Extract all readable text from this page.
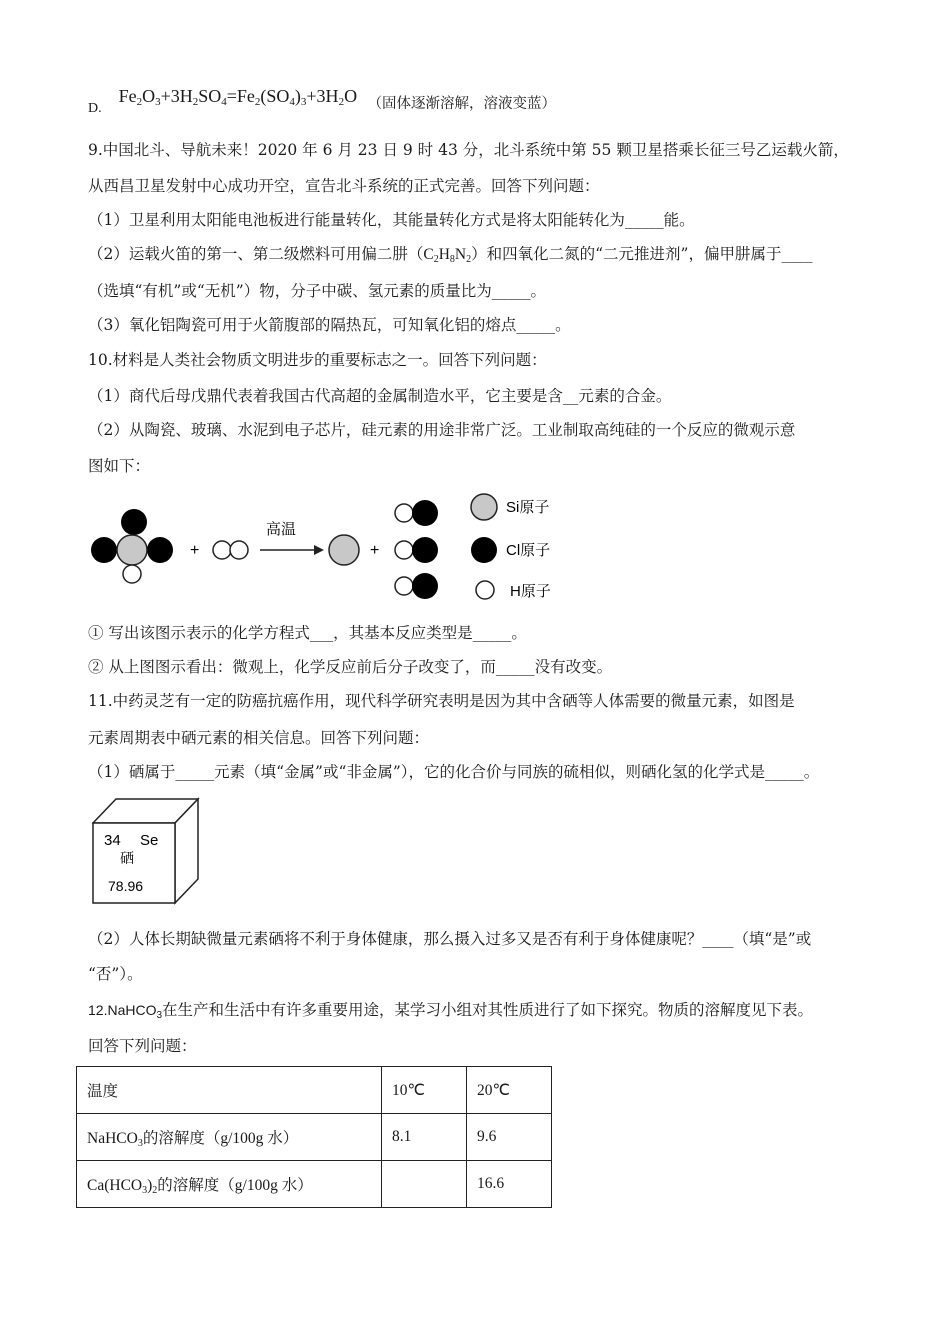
D. $Fe_2O_3+3H_2SO_4=Fe_2(SO_4)_3+3H_2O$ （固体逐渐溶解，溶液变蓝）
9.中国北斗、导航未来！2020 年 6 月 23 日 9 时 43 分，北斗系统中第 55 颗卫星搭乘长征三号乙运载火箭，
从西昌卫星发射中心成功开空，宣告北斗系统的正式完善。回答下列问题：
（1）卫星利用太阳能电池板进行能量转化，其能量转化方式是将太阳能转化为_____能。
（2）运载火笛的第一、第二级燃料可用偏二肼$(C_2H_8N_2)$和四氧化二氮的“二元推进剂”，偏甲肼属于____
（选填“有机”或“无机”）物，分子中碳、氢元素的质量比为_____。
（3）氧化铝陶瓷可用于火箭腹部的隔热瓦，可知氧化铝的熔点_____。
10.材料是人类社会物质文明进步的重要标志之一。回答下列问题：
（1）商代后母戊鼎代表着我国古代高超的金属制造水平，它主要是含__元素的合金。
（2）从陶瓷、玻璃、水泥到电子芯片，硅元素的用途非常广泛。工业制取高纯硅的一个反应的微观示意
图如下：
+
高温
+
Si原子
Cl原子
H原子
① 写出该图示表示的化学方程式___，其基本反应类型是_____。
② 从上图图示看出：微观上，化学反应前后分子改变了，而_____没有改变。
11.中药灵芝有一定的防癌抗癌作用，现代科学研究表明是因为其中含硒等人体需要的微量元素，如图是
元素周期表中硒元素的相关信息。回答下列问题：
（1）硒属于_____元素（填“金属”或“非金属”），它的化合价与同族的硫相似，则硒化氢的化学式是_____。
34 Se
硒
78.96
（2）人体长期缺微量元素硒将不利于身体健康，那么摄入过多又是否有利于身体健康呢？____（填“是”或
“否”）。
12.NaHCO$_3$在生产和生活中有许多重要用途，某学习小组对其性质进行了如下探究。物质的溶解度见下表。
回答下列问题：
温度	10℃	20℃
NaHCO$_3$的溶解度（g/100g 水）	8.1	9.6
$Ca(HCO_3)_2$的溶解度（g/100g 水）		16.6
